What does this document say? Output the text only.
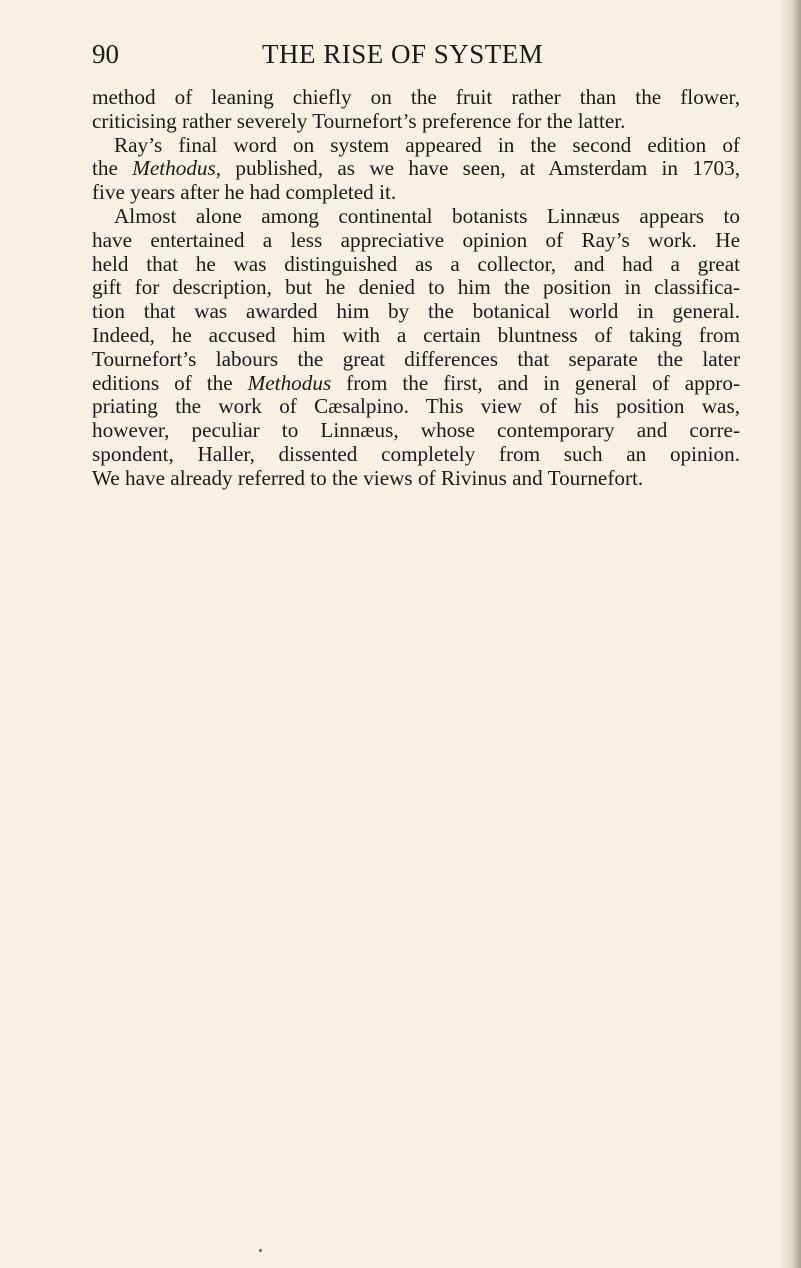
90	THE RISE OF SYSTEM
method of leaning chiefly on the fruit rather than the flower,
criticising rather severely Tournefort’s preference for the latter.
Ray’s final word on system appeared in the second edition of
the Methodus, published, as we have seen, at Amsterdam in 1703,
five years after he had completed it.
Almost alone among continental botanists Linnæus appears to
have entertained a less appreciative opinion of Ray’s work. He
held that he was distinguished as a collector, and had a great
gift for description, but he denied to him the position in classifica-
tion that was awarded him by the botanical world in general.
Indeed, he accused him with a certain bluntness of taking from
Tournefort’s labours the great differences that separate the later
editions of the Methodus from the first, and in general of appro-
priating the work of Cæsalpino. This view of his position was,
however, peculiar to Linnæus, whose contemporary and corre-
spondent, Haller, dissented completely from such an opinion.
We have already referred to the views of Rivinus and Tournefort.
